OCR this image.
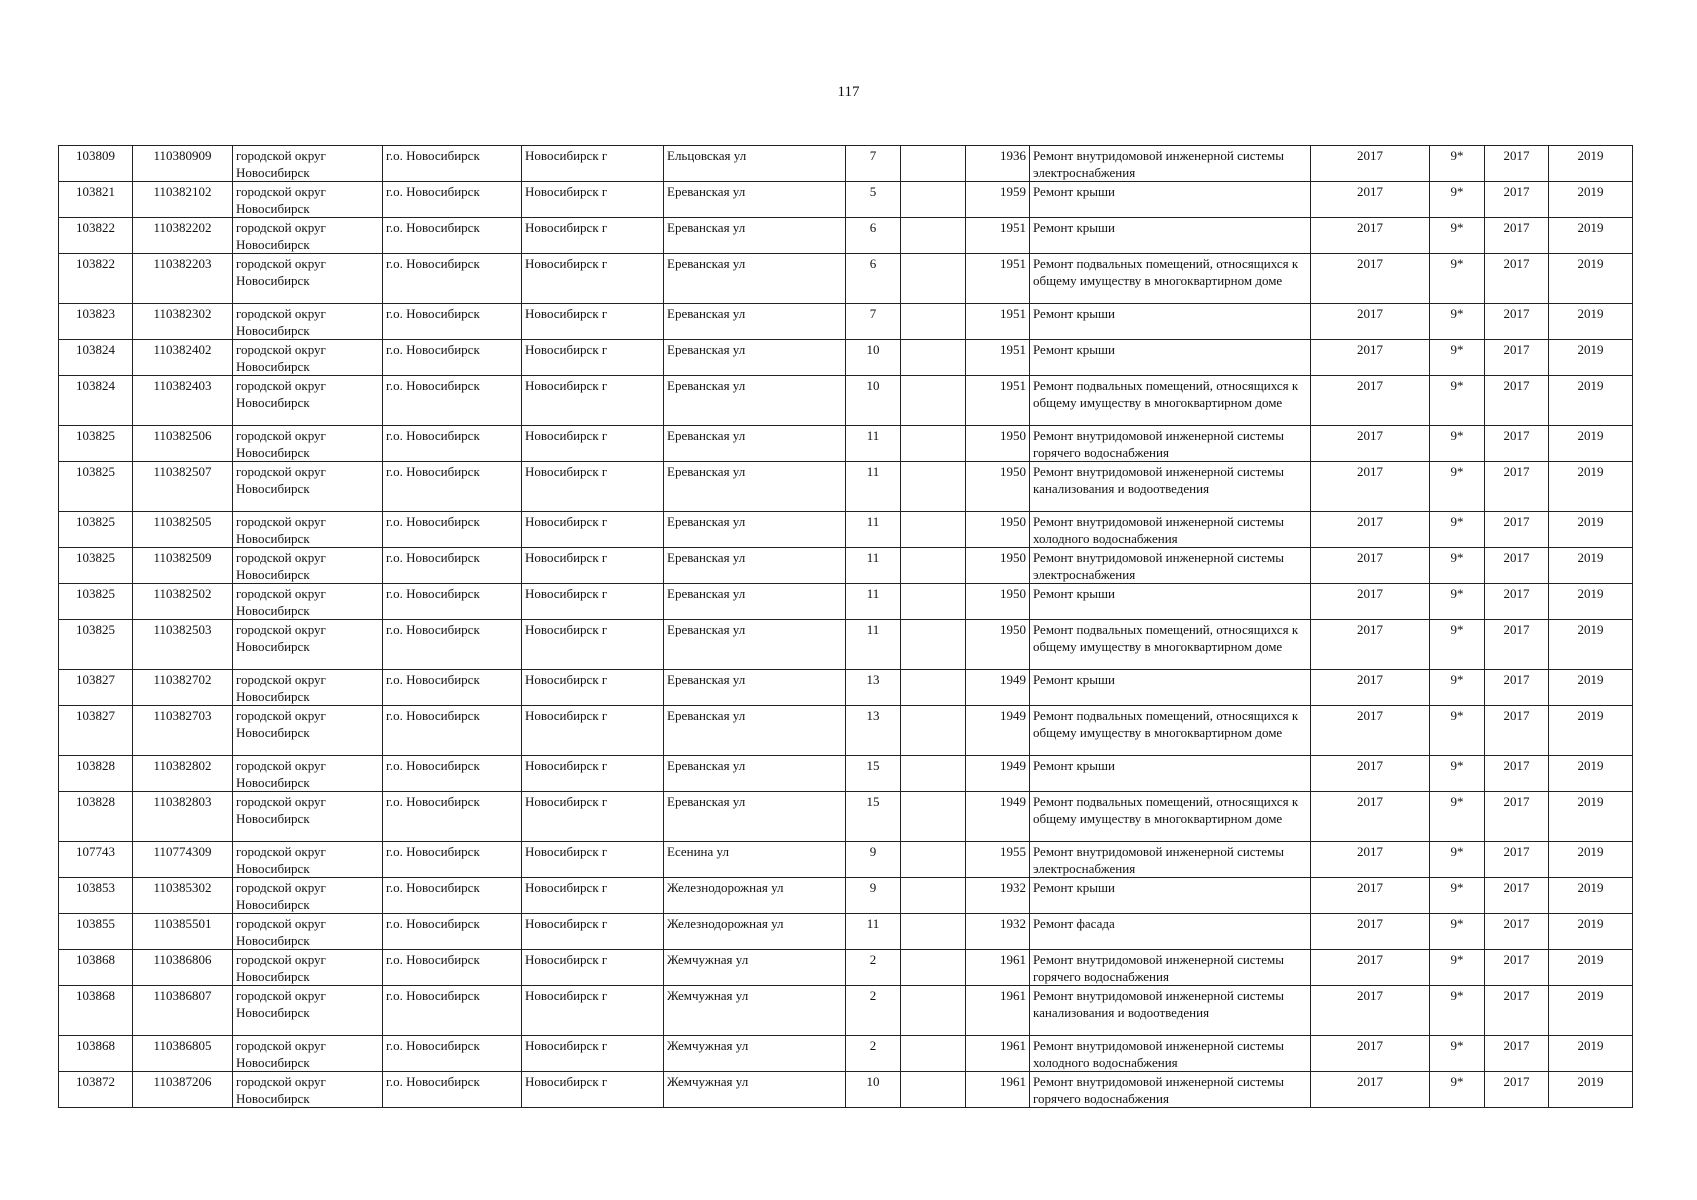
117
103809	110380909	городской округ Новосибирск	г.о. Новосибирск	Новосибирск г	Ельцовская ул	7		1936	Ремонт внутридомовой инженерной системы электроснабжения	2017	9*	2017	2019
103821	110382102	городской округ Новосибирск	г.о. Новосибирск	Новосибирск г	Ереванская ул	5		1959	Ремонт крыши	2017	9*	2017	2019
103822	110382202	городской округ Новосибирск	г.о. Новосибирск	Новосибирск г	Ереванская ул	6		1951	Ремонт крыши	2017	9*	2017	2019
103822	110382203	городской округ Новосибирск	г.о. Новосибирск	Новосибирск г	Ереванская ул	6		1951	Ремонт подвальных помещений, относящихся к общему имуществу в многоквартирном доме	2017	9*	2017	2019
103823	110382302	городской округ Новосибирск	г.о. Новосибирск	Новосибирск г	Ереванская ул	7		1951	Ремонт крыши	2017	9*	2017	2019
103824	110382402	городской округ Новосибирск	г.о. Новосибирск	Новосибирск г	Ереванская ул	10		1951	Ремонт крыши	2017	9*	2017	2019
103824	110382403	городской округ Новосибирск	г.о. Новосибирск	Новосибирск г	Ереванская ул	10		1951	Ремонт подвальных помещений, относящихся к общему имуществу в многоквартирном доме	2017	9*	2017	2019
103825	110382506	городской округ Новосибирск	г.о. Новосибирск	Новосибирск г	Ереванская ул	11		1950	Ремонт внутридомовой инженерной системы горячего водоснабжения	2017	9*	2017	2019
103825	110382507	городской округ Новосибирск	г.о. Новосибирск	Новосибирск г	Ереванская ул	11		1950	Ремонт внутридомовой инженерной системы канализования и водоотведения	2017	9*	2017	2019
103825	110382505	городской округ Новосибирск	г.о. Новосибирск	Новосибирск г	Ереванская ул	11		1950	Ремонт внутридомовой инженерной системы холодного водоснабжения	2017	9*	2017	2019
103825	110382509	городской округ Новосибирск	г.о. Новосибирск	Новосибирск г	Ереванская ул	11		1950	Ремонт внутридомовой инженерной системы электроснабжения	2017	9*	2017	2019
103825	110382502	городской округ Новосибирск	г.о. Новосибирск	Новосибирск г	Ереванская ул	11		1950	Ремонт крыши	2017	9*	2017	2019
103825	110382503	городской округ Новосибирск	г.о. Новосибирск	Новосибирск г	Ереванская ул	11		1950	Ремонт подвальных помещений, относящихся к общему имуществу в многоквартирном доме	2017	9*	2017	2019
103827	110382702	городской округ Новосибирск	г.о. Новосибирск	Новосибирск г	Ереванская ул	13		1949	Ремонт крыши	2017	9*	2017	2019
103827	110382703	городской округ Новосибирск	г.о. Новосибирск	Новосибирск г	Ереванская ул	13		1949	Ремонт подвальных помещений, относящихся к общему имуществу в многоквартирном доме	2017	9*	2017	2019
103828	110382802	городской округ Новосибирск	г.о. Новосибирск	Новосибирск г	Ереванская ул	15		1949	Ремонт крыши	2017	9*	2017	2019
103828	110382803	городской округ Новосибирск	г.о. Новосибирск	Новосибирск г	Ереванская ул	15		1949	Ремонт подвальных помещений, относящихся к общему имуществу в многоквартирном доме	2017	9*	2017	2019
107743	110774309	городской округ Новосибирск	г.о. Новосибирск	Новосибирск г	Есенина ул	9		1955	Ремонт внутридомовой инженерной системы электроснабжения	2017	9*	2017	2019
103853	110385302	городской округ Новосибирск	г.о. Новосибирск	Новосибирск г	Железнодорожная ул	9		1932	Ремонт крыши	2017	9*	2017	2019
103855	110385501	городской округ Новосибирск	г.о. Новосибирск	Новосибирск г	Железнодорожная ул	11		1932	Ремонт фасада	2017	9*	2017	2019
103868	110386806	городской округ Новосибирск	г.о. Новосибирск	Новосибирск г	Жемчужная ул	2		1961	Ремонт внутридомовой инженерной системы горячего водоснабжения	2017	9*	2017	2019
103868	110386807	городской округ Новосибирск	г.о. Новосибирск	Новосибирск г	Жемчужная ул	2		1961	Ремонт внутридомовой инженерной системы канализования и водоотведения	2017	9*	2017	2019
103868	110386805	городской округ Новосибирск	г.о. Новосибирск	Новосибирск г	Жемчужная ул	2		1961	Ремонт внутридомовой инженерной системы холодного водоснабжения	2017	9*	2017	2019
103872	110387206	городской округ Новосибирск	г.о. Новосибирск	Новосибирск г	Жемчужная ул	10		1961	Ремонт внутридомовой инженерной системы горячего водоснабжения	2017	9*	2017	2019
